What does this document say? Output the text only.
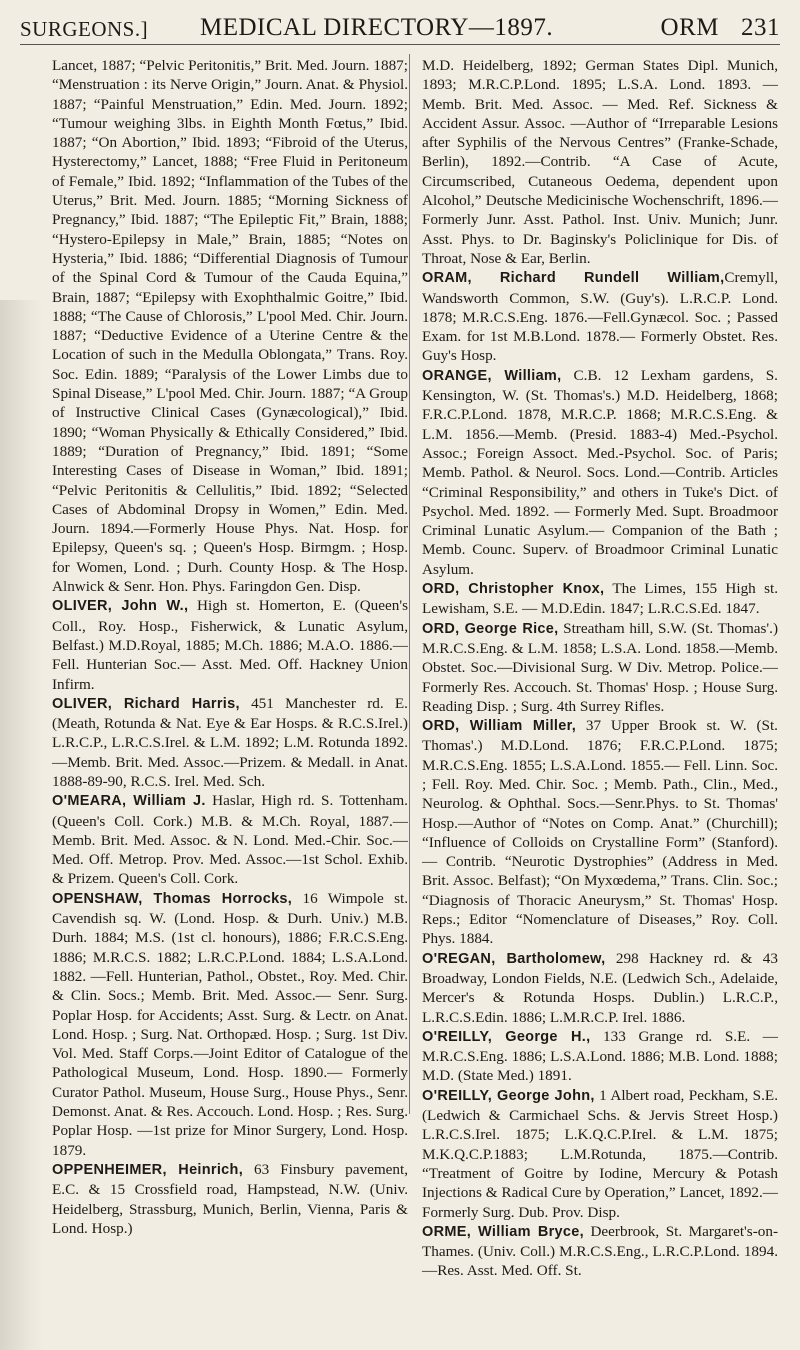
SURGEONS.] MEDICAL DIRECTORY—1897.	ORM 231

Lancet, 1887; “Pelvic Peritonitis,” Brit. Med. Journ. 1887; “Menstruation : its Nerve Origin,” Journ. Anat. & Physiol. 1887; “Painful Menstruation,” Edin. Med. Journ. 1892; “Tumour weighing 3lbs. in Eighth Month Fœtus,” Ibid. 1887; “On Abortion,” Ibid. 1893; “Fibroid of the Uterus, Hysterectomy,” Lancet, 1888; “Free Fluid in Peritoneum of Female,” Ibid. 1892; “Inflammation of the Tubes of the Uterus,” Brit. Med. Journ. 1885; “Morning Sickness of Pregnancy,” Ibid. 1887; “The Epileptic Fit,” Brain, 1888; “Hystero-Epilepsy in Male,” Brain, 1885; “Notes on Hysteria,” Ibid. 1886; “Differential Diagnosis of Tumour of the Spinal Cord & Tumour of the Cauda Equina,” Brain, 1887; “Epilepsy with Exophthalmic Goitre,” Ibid. 1888; “The Cause of Chlorosis,” L'pool Med. Chir. Journ. 1887; “Deductive Evidence of a Uterine Centre & the Location of such in the Medulla Oblongata,” Trans. Roy. Soc. Edin. 1889; “Paralysis of the Lower Limbs due to Spinal Disease,” L'pool Med. Chir. Journ. 1887; “A Group of Instructive Clinical Cases (Gynæcological),” Ibid. 1890; “Woman Physically & Ethically Considered,” Ibid. 1889; “Duration of Pregnancy,” Ibid. 1891; “Some Interesting Cases of Disease in Woman,” Ibid. 1891; “Pelvic Peritonitis & Cellulitis,” Ibid. 1892; “Selected Cases of Abdominal Dropsy in Women,” Edin. Med. Journ. 1894.—Formerly House Phys. Nat. Hosp. for Epilepsy, Queen's sq. ; Queen's Hosp. Birmgm. ; Hosp. for Women, Lond. ; Durh. County Hosp. & The Hosp. Alnwick & Senr. Hon. Phys. Faringdon Gen. Disp.

OLIVER, John W., High st. Homerton, E. (Queen's Coll., Roy. Hosp., Fisherwick, & Lunatic Asylum, Belfast.) M.D.Royal, 1885; M.Ch. 1886; M.A.O. 1886.—Fell. Hunterian Soc.— Asst. Med. Off. Hackney Union Infirm.

OLIVER, Richard Harris, 451 Manchester rd. E. (Meath, Rotunda & Nat. Eye & Ear Hosps. & R.C.S.Irel.) L.R.C.P., L.R.C.S.Irel. & L.M. 1892; L.M. Rotunda 1892.—Memb. Brit. Med. Assoc.—Prizem. & Medall. in Anat. 1888-89-90, R.C.S. Irel. Med. Sch.

O'MEARA, William J. Haslar, High rd. S. Tottenham. (Queen's Coll. Cork.) M.B. & M.Ch. Royal, 1887.—Memb. Brit. Med. Assoc. & N. Lond. Med.-Chir. Soc.—Med. Off. Metrop. Prov. Med. Assoc.—1st Schol. Exhib. & Prizem. Queen's Coll. Cork.

OPENSHAW, Thomas Horrocks, 16 Wimpole st. Cavendish sq. W. (Lond. Hosp. & Durh. Univ.) M.B. Durh. 1884; M.S. (1st cl. honours), 1886; F.R.C.S.Eng. 1886; M.R.C.S. 1882; L.R.C.P.Lond. 1884; L.S.A.Lond. 1882. —Fell. Hunterian, Pathol., Obstet., Roy. Med. Chir. & Clin. Socs.; Memb. Brit. Med. Assoc.— Senr. Surg. Poplar Hosp. for Accidents; Asst. Surg. & Lectr. on Anat. Lond. Hosp. ; Surg. Nat. Orthopæd. Hosp. ; Surg. 1st Div. Vol. Med. Staff Corps.—Joint Editor of Catalogue of the Pathological Museum, Lond. Hosp. 1890.— Formerly Curator Pathol. Museum, House Surg., House Phys., Senr. Demonst. Anat. & Res. Accouch. Lond. Hosp. ; Res. Surg. Poplar Hosp. —1st prize for Minor Surgery, Lond. Hosp. 1879.

OPPENHEIMER, Heinrich, 63 Finsbury pavement, E.C. & 15 Crossfield road, Hampstead, N.W. (Univ. Heidelberg, Strassburg, Munich, Berlin, Vienna, Paris & Lond. Hosp.)

M.D. Heidelberg, 1892; German States Dipl. Munich, 1893; M.R.C.P.Lond. 1895; L.S.A. Lond. 1893. — Memb. Brit. Med. Assoc. — Med. Ref. Sickness & Accident Assur. Assoc. —Author of “Irreparable Lesions after Syphilis of the Nervous Centres” (Franke-Schade, Berlin), 1892.—Contrib. “A Case of Acute, Circumscribed, Cutaneous Oedema, dependent upon Alcohol,” Deutsche Medicinische Wochenschrift, 1896.—Formerly Junr. Asst. Pathol. Inst. Univ. Munich; Junr. Asst. Phys. to Dr. Baginsky's Policlinique for Dis. of Throat, Nose & Ear, Berlin.

ORAM, Richard Rundell William,Cremyll, Wandsworth Common, S.W. (Guy's). L.R.C.P. Lond. 1878; M.R.C.S.Eng. 1876.—Fell.Gynæcol. Soc. ; Passed Exam. for 1st M.B.Lond. 1878.— Formerly Obstet. Res. Guy's Hosp.

ORANGE, William, C.B. 12 Lexham gardens, S. Kensington, W. (St. Thomas's.) M.D. Heidelberg, 1868; F.R.C.P.Lond. 1878, M.R.C.P. 1868; M.R.C.S.Eng. & L.M. 1856.—Memb. (Presid. 1883-4) Med.-Psychol. Assoc.; Foreign Assoct. Med.-Psychol. Soc. of Paris; Memb. Pathol. & Neurol. Socs. Lond.—Contrib. Articles “Criminal Responsibility,” and others in Tuke's Dict. of Psychol. Med. 1892. — Formerly Med. Supt. Broadmoor Criminal Lunatic Asylum.— Companion of the Bath ; Memb. Counc. Superv. of Broadmoor Criminal Lunatic Asylum.

ORD, Christopher Knox, The Limes, 155 High st. Lewisham, S.E. — M.D.Edin. 1847; L.R.C.S.Ed. 1847.

ORD, George Rice, Streatham hill, S.W. (St. Thomas'.) M.R.C.S.Eng. & L.M. 1858; L.S.A. Lond. 1858.—Memb. Obstet. Soc.—Divisional Surg. W Div. Metrop. Police.—Formerly Res. Accouch. St. Thomas' Hosp. ; House Surg. Reading Disp. ; Surg. 4th Surrey Rifles.

ORD, William Miller, 37 Upper Brook st. W. (St. Thomas'.) M.D.Lond. 1876; F.R.C.P.Lond. 1875; M.R.C.S.Eng. 1855; L.S.A.Lond. 1855.— Fell. Linn. Soc. ; Fell. Roy. Med. Chir. Soc. ; Memb. Path., Clin., Med., Neurolog. & Ophthal. Socs.—Senr.Phys. to St. Thomas' Hosp.—Author of “Notes on Comp. Anat.” (Churchill); “Influence of Colloids on Crystalline Form” (Stanford). — Contrib. “Neurotic Dystrophies” (Address in Med. Brit. Assoc. Belfast); “On Myxœdema,” Trans. Clin. Soc.; “Diagnosis of Thoracic Aneurysm,” St. Thomas' Hosp. Reps.; Editor “Nomenclature of Diseases,” Roy. Coll. Phys. 1884.

O'REGAN, Bartholomew, 298 Hackney rd. & 43 Broadway, London Fields, N.E. (Ledwich Sch., Adelaide, Mercer's & Rotunda Hosps. Dublin.) L.R.C.P., L.R.C.S.Edin. 1886; L.M.R.C.P. Irel. 1886.

O'REILLY, George H., 133 Grange rd. S.E. —M.R.C.S.Eng. 1886; L.S.A.Lond. 1886; M.B. Lond. 1888; M.D. (State Med.) 1891.

O'REILLY, George John, 1 Albert road, Peckham, S.E. (Ledwich & Carmichael Schs. & Jervis Street Hosp.) L.R.C.S.Irel. 1875; L.K.Q.C.P.Irel. & L.M. 1875; M.K.Q.C.P.1883; L.M.Rotunda, 1875.—Contrib. “Treatment of Goitre by Iodine, Mercury & Potash Injections & Radical Cure by Operation,” Lancet, 1892.— Formerly Surg. Dub. Prov. Disp.

ORME, William Bryce, Deerbrook, St. Margaret's-on-Thames. (Univ. Coll.) M.R.C.S.Eng., L.R.C.P.Lond. 1894.—Res. Asst. Med. Off. St.
